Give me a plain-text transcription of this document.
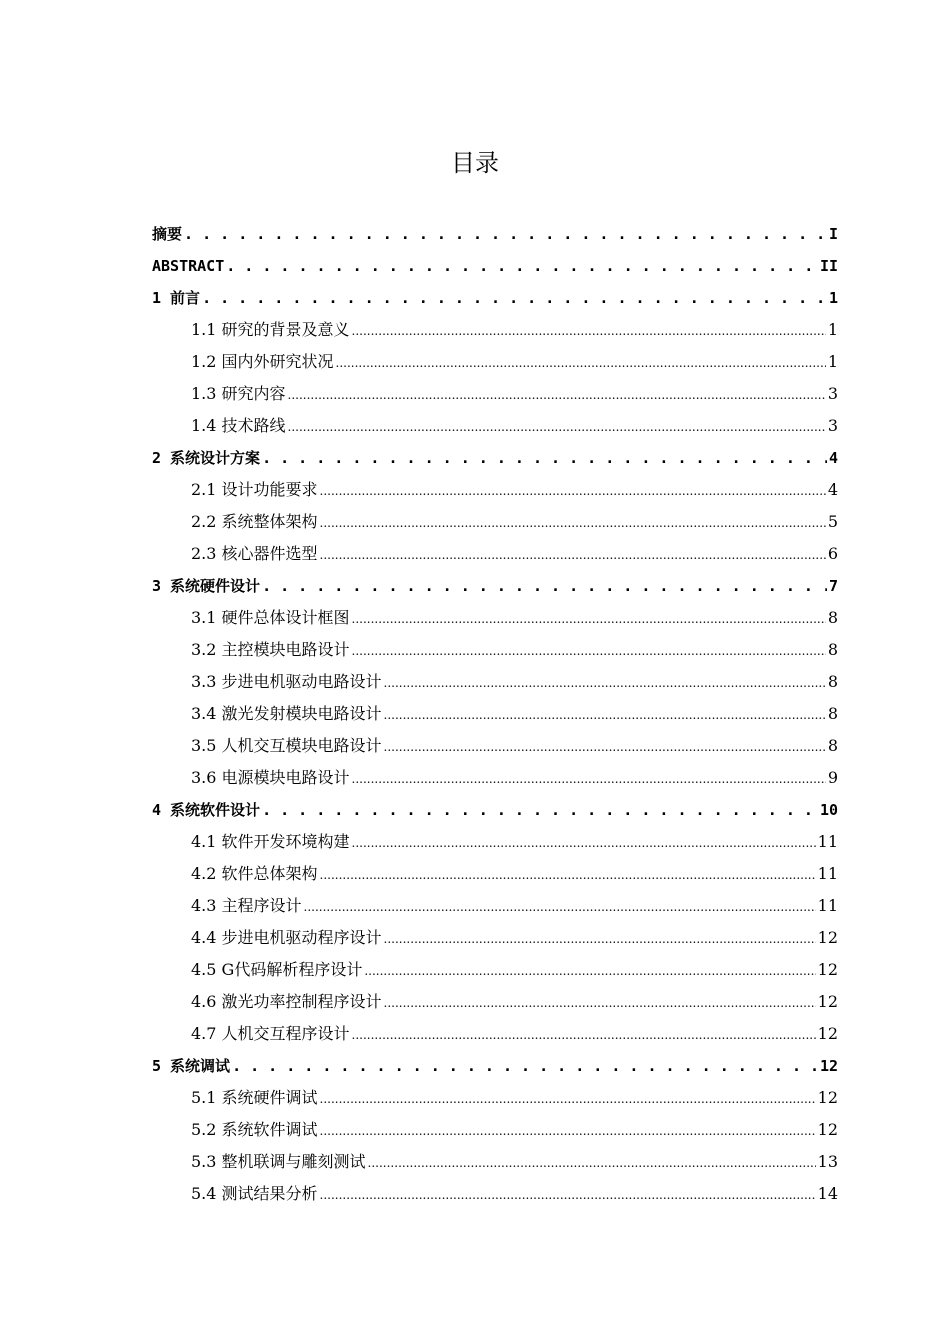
目录
摘要 . . .	I
ABSTRACT . . .	II
1 前言 . . .	1
1.1 研究的背景及意义 .....	1
1.2 国内外研究状况 .....	1
1.3 研究内容 .....	3
1.4 技术路线 .....	3
2 系统设计方案 . . .	4
2.1 设计功能要求 .....	4
2.2 系统整体架构 .....	5
2.3 核心器件选型 .....	6
3 系统硬件设计 . . .	7
3.1 硬件总体设计框图 .....	8
3.2 主控模块电路设计 .....	8
3.3 步进电机驱动电路设计 .....	8
3.4 激光发射模块电路设计 .....	8
3.5 人机交互模块电路设计 .....	8
3.6 电源模块电路设计 .....	9
4 系统软件设计 . . .	10
4.1 软件开发环境构建 .....	11
4.2 软件总体架构 .....	11
4.3 主程序设计 .....	11
4.4 步进电机驱动程序设计 .....	12
4.5 G代码解析程序设计 .....	12
4.6 激光功率控制程序设计 .....	12
4.7 人机交互程序设计 .....	12
5 系统调试 . . .	12
5.1 系统硬件调试 .....	12
5.2 系统软件调试 .....	12
5.3 整机联调与雕刻测试 .....	13
5.4 测试结果分析 .....	14
